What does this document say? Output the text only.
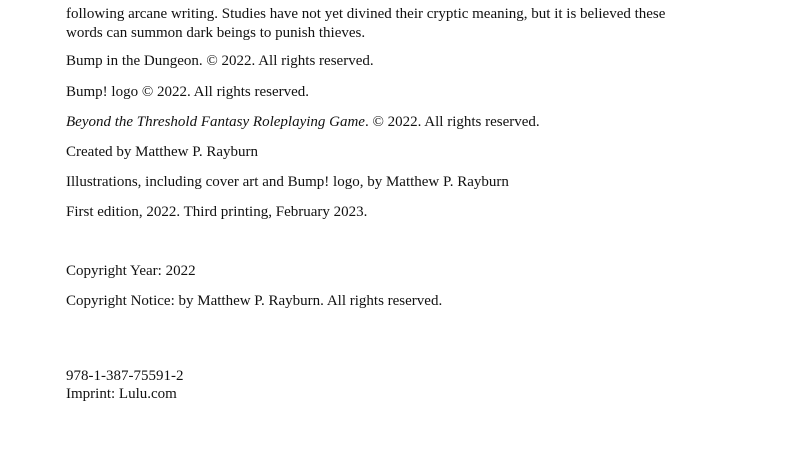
following arcane writing. Studies have not yet divined their cryptic meaning, but it is believed these

words can summon dark beings to punish thieves.

Bump in the Dungeon. © 2022. All rights reserved.

Bump! logo © 2022. All rights reserved.

Beyond the Threshold Fantasy Roleplaying Game. © 2022. All rights reserved.

Created by Matthew P. Rayburn

Illustrations, including cover art and Bump! logo, by Matthew P. Rayburn

First edition, 2022. Third printing, February 2023.

Copyright Year: 2022

Copyright Notice: by Matthew P. Rayburn. All rights reserved.

978-1-387-75591-2

Imprint: Lulu.com
